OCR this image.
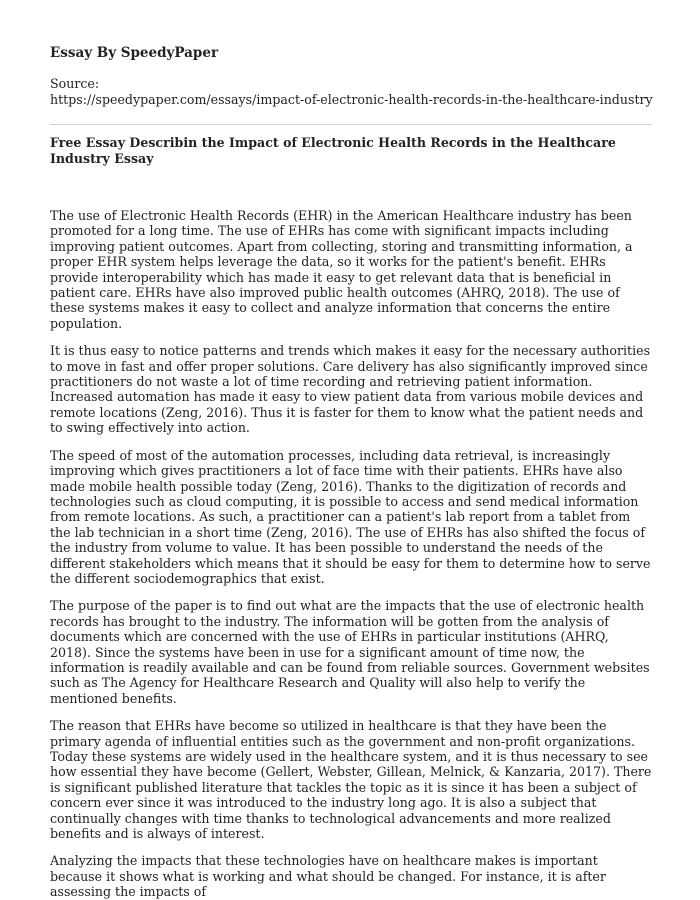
Essay By SpeedyPaper
Source:
https://speedypaper.com/essays/impact-of-electronic-health-records-in-the-healthcare-industry
Free Essay Describin the Impact of Electronic Health Records in the Healthcare Industry Essay

The use of Electronic Health Records (EHR) in the American Healthcare industry has been promoted for a long time. The use of EHRs has come with significant impacts including improving patient outcomes. Apart from collecting, storing and transmitting information, a proper EHR system helps leverage the data, so it works for the patient's benefit. EHRs provide interoperability which has made it easy to get relevant data that is beneficial in patient care. EHRs have also improved public health outcomes (AHRQ, 2018). The use of these systems makes it easy to collect and analyze information that concerns the entire population.

It is thus easy to notice patterns and trends which makes it easy for the necessary authorities to move in fast and offer proper solutions. Care delivery has also significantly improved since practitioners do not waste a lot of time recording and retrieving patient information. Increased automation has made it easy to view patient data from various mobile devices and remote locations (Zeng, 2016). Thus it is faster for them to know what the patient needs and to swing effectively into action.

The speed of most of the automation processes, including data retrieval, is increasingly improving which gives practitioners a lot of face time with their patients. EHRs have also made mobile health possible today (Zeng, 2016). Thanks to the digitization of records and technologies such as cloud computing, it is possible to access and send medical information from remote locations. As such, a practitioner can a patient's lab report from a tablet from the lab technician in a short time (Zeng, 2016). The use of EHRs has also shifted the focus of the industry from volume to value. It has been possible to understand the needs of the different stakeholders which means that it should be easy for them to determine how to serve the different sociodemographics that exist.

The purpose of the paper is to find out what are the impacts that the use of electronic health records has brought to the industry. The information will be gotten from the analysis of documents which are concerned with the use of EHRs in particular institutions (AHRQ, 2018). Since the systems have been in use for a significant amount of time now, the information is readily available and can be found from reliable sources. Government websites such as The Agency for Healthcare Research and Quality will also help to verify the mentioned benefits.

The reason that EHRs have become so utilized in healthcare is that they have been the primary agenda of influential entities such as the government and non-profit organizations. Today these systems are widely used in the healthcare system, and it is thus necessary to see how essential they have become (Gellert, Webster, Gillean, Melnick, & Kanzaria, 2017). There is significant published literature that tackles the topic as it is since it has been a subject of concern ever since it was introduced to the industry long ago. It is also a subject that continually changes with time thanks to technological advancements and more realized benefits and is always of interest.

Analyzing the impacts that these technologies have on healthcare makes is important because it shows what is working and what should be changed. For instance, it is after assessing the impacts of
